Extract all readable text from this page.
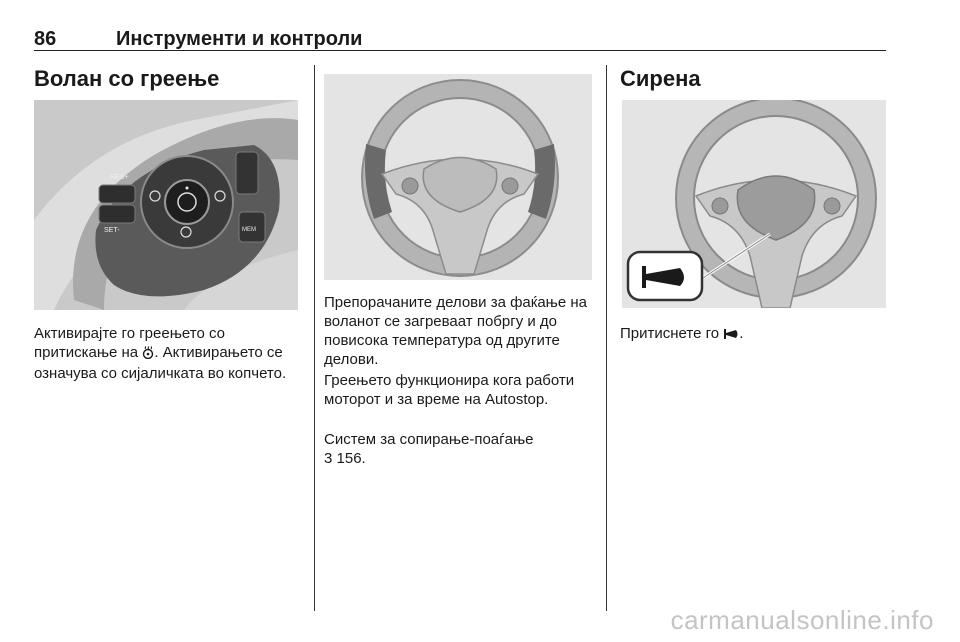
86	Инструменти и контроли
Волан со греење
RES+
SET-	MEM

Активирајте го греењето со притискање на . Активирањето се означува со сијаличката во копчето.

Препорачаните делови за фаќање на воланот се загреваат побргу и до повисока температура од другите делови.

Греењето функционира кога работи моторот и за време на Autostop.

Систем за сопирање-поаѓање
3 156.

Сирена

Притиснете го .

carmanualsonline.info
